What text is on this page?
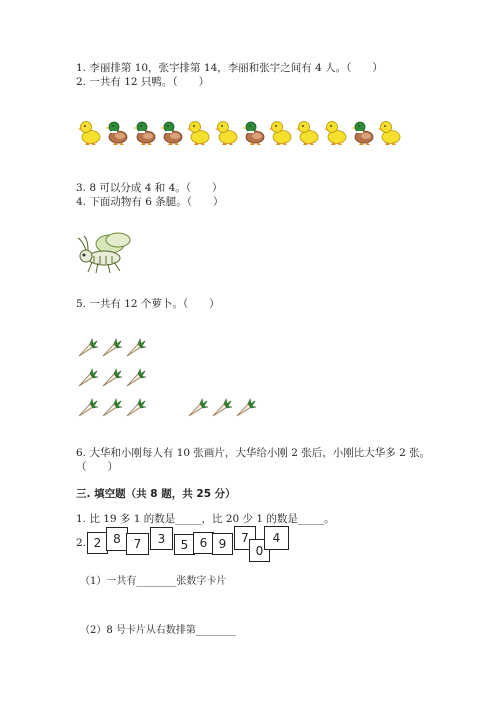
1. 李丽排第 10，张宇排第 14，李丽和张宇之间有 4 人。（　　）
2. 一共有 12 只鸭。（　　）
3. 8 可以分成 4 和 4。（　　）
4. 下面动物有 6 条腿。（　　）
5. 一共有 12 个萝卜。（　　）
6. 大华和小刚每人有 10 张画片，大华给小刚 2 张后，小刚比大华多 2 张。
（　　）
三. 填空题（共 8 题，共 25 分）
1. 比 19 多 1 的数是_____，比 20 少 1 的数是_____。
2. 2 8	7	3	5 6 9	7
0
4
（1）一共有________张数字卡片
（2）8 号卡片从右数排第________
